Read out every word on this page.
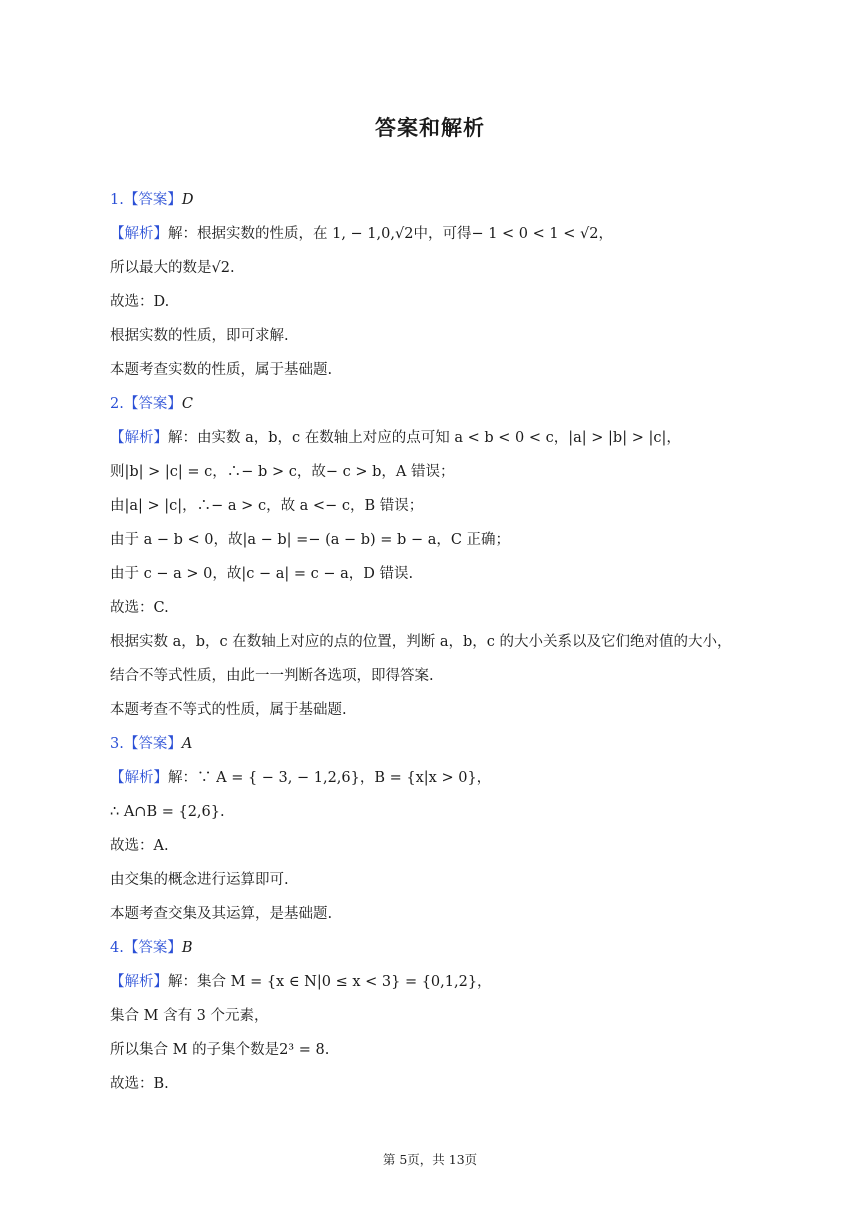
答案和解析
1.【答案】D
【解析】解：根据实数的性质，在 1, − 1,0,√2中，可得− 1 < 0 < 1 < √2，
所以最大的数是√2.
故选：D.
根据实数的性质，即可求解.
本题考查实数的性质，属于基础题.
2.【答案】C
【解析】解：由实数 a，b，c 在数轴上对应的点可知 a < b < 0 < c，|a| > |b| > |c|，
则|b| > |c| = c，∴− b > c，故− c > b，A 错误；
由|a| > |c|，∴− a > c，故 a <− c，B 错误；
由于 a − b < 0，故|a − b| =− (a − b) = b − a，C 正确；
由于 c − a > 0，故|c − a| = c − a，D 错误.
故选：C.
根据实数 a，b，c 在数轴上对应的点的位置，判断 a，b，c 的大小关系以及它们绝对值的大小，
结合不等式性质，由此一一判断各选项，即得答案.
本题考查不等式的性质，属于基础题.
3.【答案】A
【解析】解：∵ A = { − 3, − 1,2,6}，B = {x|x > 0}，
∴ A∩B = {2,6}.
故选：A.
由交集的概念进行运算即可.
本题考查交集及其运算，是基础题.
4.【答案】B
【解析】解：集合 M = {x ∈ N|0 ≤ x < 3} = {0,1,2}，
集合 M 含有 3 个元素，
所以集合 M 的子集个数是2³ = 8.
故选：B.
第 5页，共 13页
